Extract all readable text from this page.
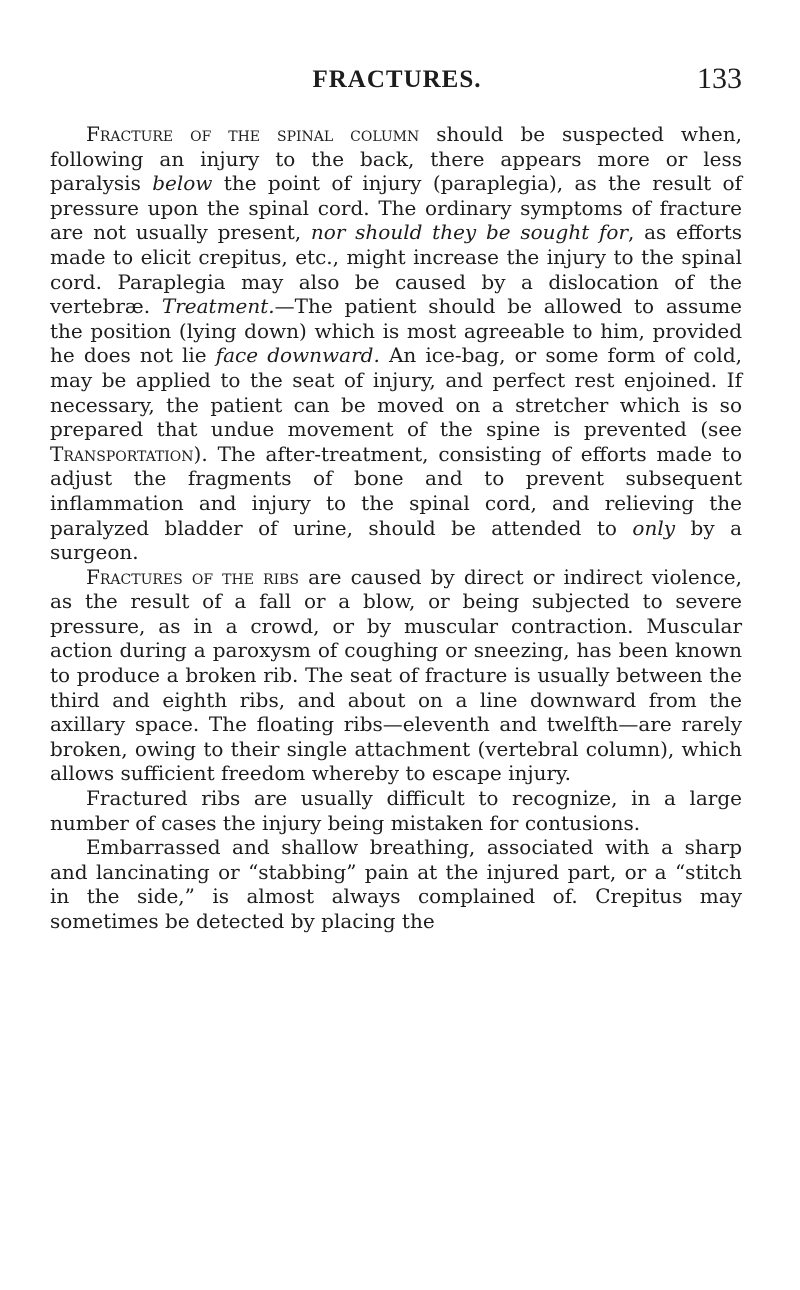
FRACTURES.	133

Fracture of the spinal column should be suspected when, following an injury to the back, there appears more or less paralysis below the point of injury (paraplegia), as the result of pressure upon the spinal cord. The ordinary symptoms of fracture are not usually present, nor should they be sought for, as efforts made to elicit crepitus, etc., might increase the injury to the spinal cord. Paraplegia may also be caused by a dislocation of the vertebræ. Treatment.—The patient should be allowed to assume the position (lying down) which is most agreeable to him, provided he does not lie face downward. An ice-bag, or some form of cold, may be applied to the seat of injury, and perfect rest enjoined. If necessary, the patient can be moved on a stretcher which is so prepared that undue movement of the spine is prevented (see Transportation). The after-treatment, consisting of efforts made to adjust the fragments of bone and to prevent subsequent inflammation and injury to the spinal cord, and relieving the paralyzed bladder of urine, should be attended to only by a surgeon.

Fractures of the ribs are caused by direct or indirect violence, as the result of a fall or a blow, or being subjected to severe pressure, as in a crowd, or by muscular contraction. Muscular action during a paroxysm of coughing or sneezing, has been known to produce a broken rib. The seat of fracture is usually between the third and eighth ribs, and about on a line downward from the axillary space. The floating ribs—eleventh and twelfth—are rarely broken, owing to their single attachment (vertebral column), which allows sufficient freedom whereby to escape injury.

Fractured ribs are usually difficult to recognize, in a large number of cases the injury being mistaken for contusions.

Embarrassed and shallow breathing, associated with a sharp and lancinating or “stabbing” pain at the injured part, or a “stitch in the side,” is almost always complained of. Crepitus may sometimes be detected by placing the
